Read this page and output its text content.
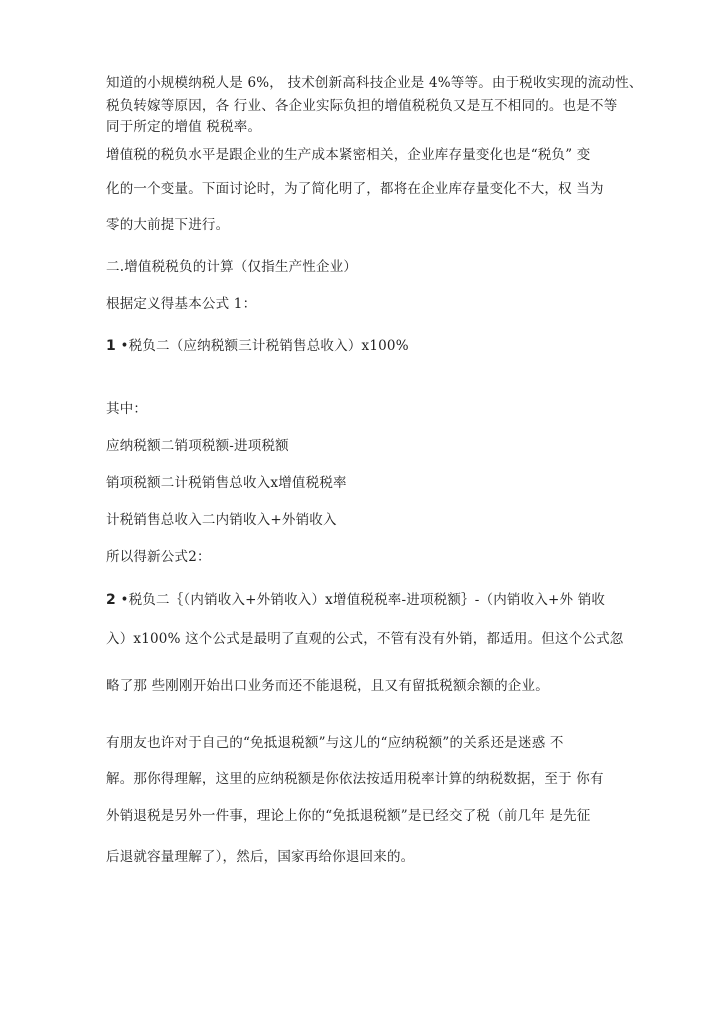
知道的小规模纳税人是 6%， 技术创新高科技企业是 4%等等。由于税收实现的流动性、
税负转嫁等原因，各 行业、各企业实际负担的增值税税负又是互不相同的。也是不等
同于所定的增值 税税率。
增值税的税负水平是跟企业的生产成本紧密相关，企业库存量变化也是“税负” 变
化的一个变量。下面讨论时，为了简化明了，都将在企业库存量变化不大，权 当为
零的大前提下进行。
二.增值税税负的计算（仅指生产性企业）
根据定义得基本公式 1：
1 •税负二（应纳税额三计税销售总收入）x100%
其中：
应纳税额二销项税额-进项税额
销项税额二计税销售总收入x增值税税率
计税销售总收入二内销收入+外销收入
所以得新公式2：
2 •税负二｛（内销收入+外销收入）x增值税税率-进项税额｝-（内销收入+外 销收
入）x100% 这个公式是最明了直观的公式，不管有没有外销，都适用。但这个公式忽
略了那 些刚刚开始出口业务而还不能退税，且又有留抵税额余额的企业。
有朋友也许对于自己的“免抵退税额”与这儿的“应纳税额”的关系还是迷惑 不
解。那你得理解，这里的应纳税额是你依法按适用税率计算的纳税数据，至于 你有
外销退税是另外一件事，理论上你的“免抵退税额”是已经交了税（前几年 是先征
后退就容量理解了），然后，国家再给你退回来的。
